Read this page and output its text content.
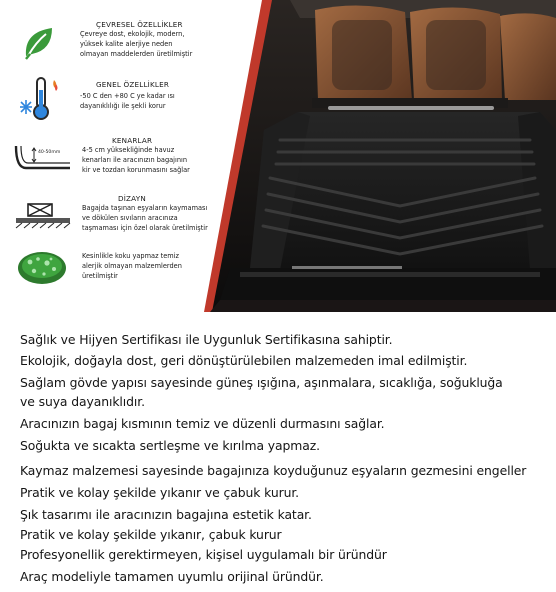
ÇEVRESEL ÖZELLİKLER
Çevreye dost, ekolojik, modern,
yüksek kalite alerjiye neden
olmayan maddelerden üretilmiştir
GENEL ÖZELLİKLER
-50 C den +80 C ye kadar ısı
dayanıklılığı ile şekli korur
40-50mm
KENARLAR
4-5 cm yüksekliğinde havuz
kenarları ile aracınızın bagajının
kir ve tozdan korunmasını sağlar
DİZAYN
Bagajda taşınan eşyaların kaymaması
ve dökülen sıvıların aracınıza
taşmaması için özel olarak üretilmiştir
Kesinlikle koku yapmaz temiz
alerjik olmayan malzemlerden
üretilmiştir
Sağlık ve Hijyen Sertifikası ile Uygunluk Sertifikasına sahiptir.
Ekolojik, doğayla dost, geri dönüştürülebilen malzemeden imal edilmiştir.
Sağlam gövde yapısı sayesinde güneş ışığına, aşınmalara, sıcaklığa, soğukluğa
ve suya dayanıklıdır.
Aracınızın bagaj kısmının temiz ve düzenli durmasını sağlar.
Soğukta ve sıcakta sertleşme ve kırılma yapmaz.
Kaymaz malzemesi sayesinde bagajınıza koyduğunuz eşyaların gezmesini engeller
Pratik ve kolay şekilde yıkanır ve çabuk kurur.
Şık tasarımı ile aracınızın bagajına estetik katar.
Pratik ve kolay şekilde yıkanır, çabuk kurur
Profesyonellik gerektirmeyen, kişisel uygulamalı bir üründür
Araç modeliyle tamamen uyumlu orijinal üründür.
